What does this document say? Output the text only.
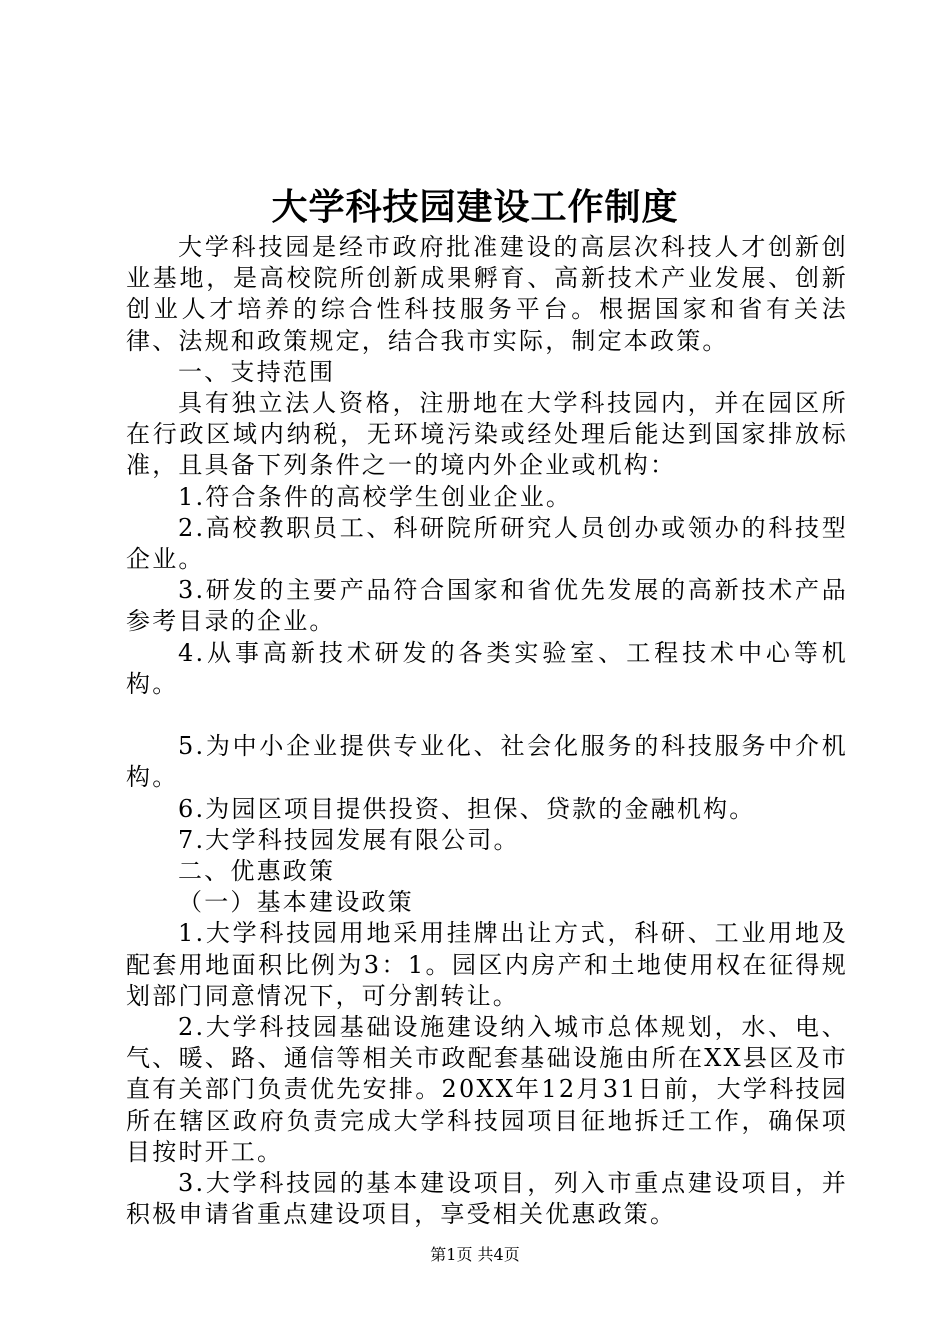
大学科技园建设工作制度

大学科技园是经市政府批准建设的高层次科技人才创新创业基地，是高校院所创新成果孵育、高新技术产业发展、创新创业人才培养的综合性科技服务平台。根据国家和省有关法律、法规和政策规定，结合我市实际，制定本政策。

一、支持范围

具有独立法人资格，注册地在大学科技园内，并在园区所在行政区域内纳税，无环境污染或经处理后能达到国家排放标准，且具备下列条件之一的境内外企业或机构：

1.符合条件的高校学生创业企业。

2.高校教职员工、科研院所研究人员创办或领办的科技型企业。

3.研发的主要产品符合国家和省优先发展的高新技术产品参考目录的企业。

4.从事高新技术研发的各类实验室、工程技术中心等机构。

5.为中小企业提供专业化、社会化服务的科技服务中介机构。

6.为园区项目提供投资、担保、贷款的金融机构。

7.大学科技园发展有限公司。

二、优惠政策

（一）基本建设政策

1.大学科技园用地采用挂牌出让方式，科研、工业用地及配套用地面积比例为3：1。园区内房产和土地使用权在征得规划部门同意情况下，可分割转让。

2.大学科技园基础设施建设纳入城市总体规划，水、电、气、暖、路、通信等相关市政配套基础设施由所在XX县区及市直有关部门负责优先安排。20XX年12月31日前，大学科技园所在辖区政府负责完成大学科技园项目征地拆迁工作，确保项目按时开工。

3.大学科技园的基本建设项目，列入市重点建设项目，并积极申请省重点建设项目，享受相关优惠政策。

第1页 共4页
